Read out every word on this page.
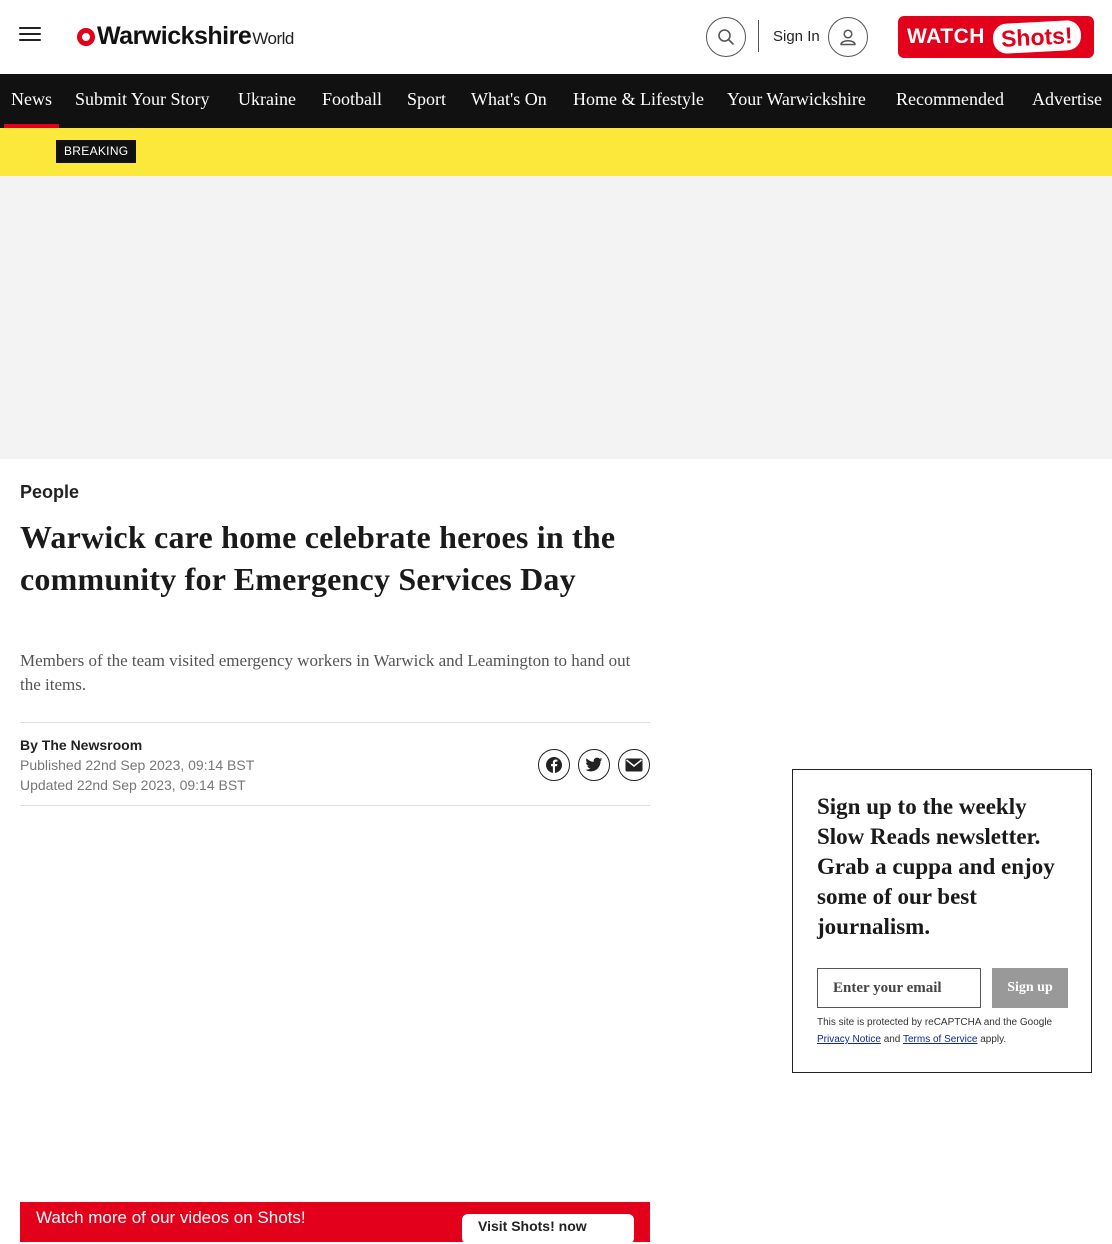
Warwickshire World	Sign In	WATCH Shots!
News Submit Your Story Ukraine Football Sport What's On Home & Lifestyle Your Warwickshire Recommended Advertise
BREAKING
People
Warwick care home celebrate heroes in the community for Emergency Services Day

Members of the team visited emergency workers in Warwick and Leamington to hand out the items.

By The Newsroom
Published 22nd Sep 2023, 09:14 BST
Updated 22nd Sep 2023, 09:14 BST
Watch more of our videos on Shots!	Visit Shots! now
Sign up to the weekly Slow Reads newsletter. Grab a cuppa and enjoy some of our best journalism.
Enter your email
Sign up
This site is protected by reCAPTCHA and the Google Privacy Notice and Terms of Service apply.
